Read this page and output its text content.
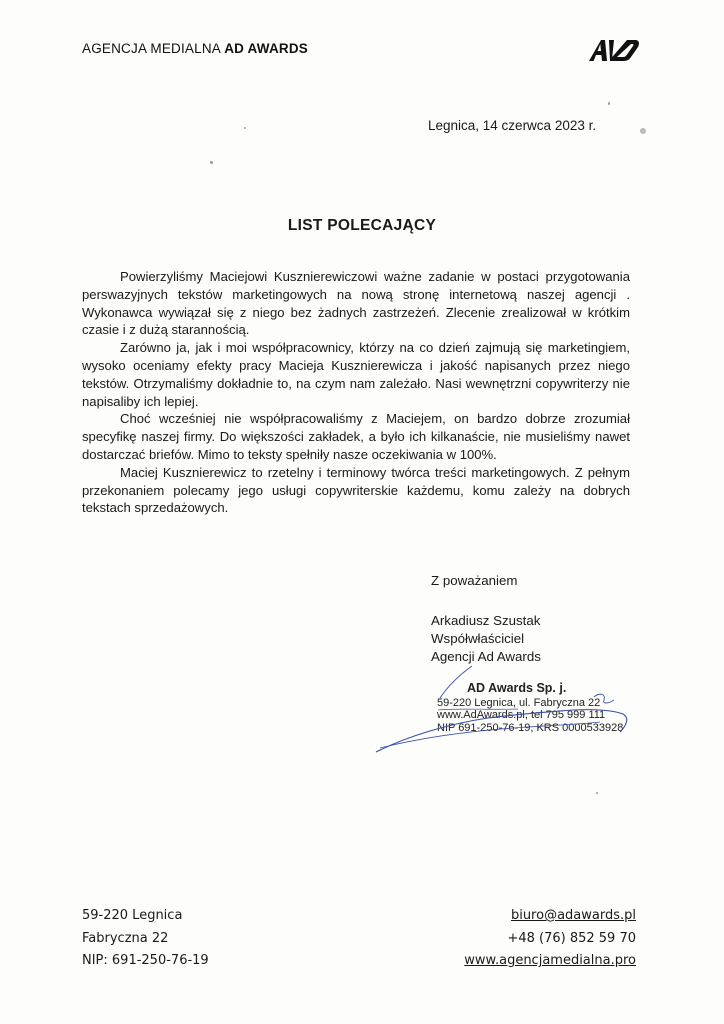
AGENCJA MEDIALNA AD AWARDS
Legnica, 14 czerwca 2023 r.
LIST POLECAJĄCY

Powierzyliśmy Maciejowi Kusznierewiczowi ważne zadanie w postaci przygotowania perswazyjnych tekstów marketingowych na nową stronę internetową naszej agencji . Wykonawca wywiązał się z niego bez żadnych zastrzeżeń. Zlecenie zrealizował w krótkim czasie i z dużą starannością.

Zarówno ja, jak i moi współpracownicy, którzy na co dzień zajmują się marketingiem, wysoko oceniamy efekty pracy Macieja Kusznierewicza i jakość napisanych przez niego tekstów. Otrzymaliśmy dokładnie to, na czym nam zależało. Nasi wewnętrzni copywriterzy nie napisaliby ich lepiej.

Choć wcześniej nie współpracowaliśmy z Maciejem, on bardzo dobrze zrozumiał specyfikę naszej firmy. Do większości zakładek, a było ich kilkanaście, nie musieliśmy nawet dostarczać briefów. Mimo to teksty spełniły nasze oczekiwania w 100%.

Maciej Kusznierewicz to rzetelny i terminowy twórca treści marketingowych. Z pełnym przekonaniem polecamy jego usługi copywriterskie każdemu, komu zależy na dobrych tekstach sprzedażowych.

Z poważaniem
Arkadiusz Szustak
Współwłaściciel
Agencji Ad Awards
AD Awards Sp. j.
59-220 Legnica, ul. Fabryczna 22
www.AdAwards.pl, tel 795 999 111
NIP 691-250-76-19, KRS 0000533928
59-220 Legnica
Fabryczna 22
NIP: 691-250-76-19
biuro@adawards.pl
+48 (76) 852 59 70
www.agencjamedialna.pro
